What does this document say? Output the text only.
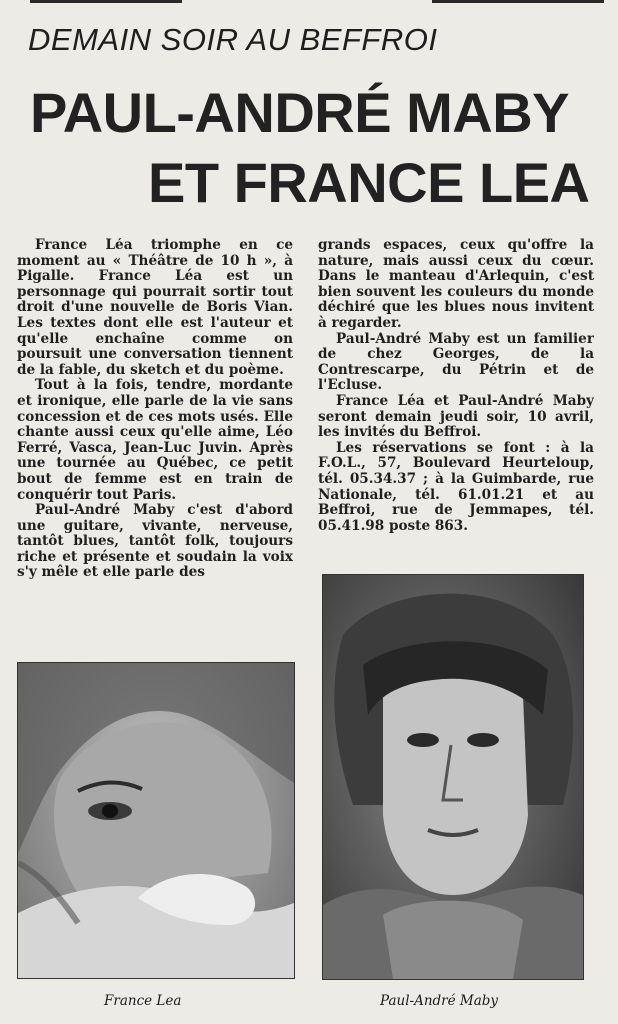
DEMAIN SOIR AU BEFFROI
PAUL-ANDRÉ MABY
ET FRANCE LEA

France Léa triomphe en ce moment au « Théâtre de 10 h », à Pigalle. France Léa est un personnage qui pourrait sortir tout droit d'une nouvelle de Boris Vian. Les textes dont elle est l'auteur et qu'elle enchaîne comme on poursuit une conversation tiennent de la fable, du sketch et du poème.

Tout à la fois, tendre, mordante et ironique, elle parle de la vie sans concession et de ces mots usés. Elle chante aussi ceux qu'elle aime, Léo Ferré, Vasca, Jean-Luc Juvin. Après une tournée au Québec, ce petit bout de femme est en train de conquérir tout Paris.

Paul-André Maby c'est d'abord une guitare, vivante, nerveuse, tantôt blues, tantôt folk, toujours riche et présente et soudain la voix s'y mêle et elle parle des

grands espaces, ceux qu'offre la nature, mais aussi ceux du cœur. Dans le manteau d'Arlequin, c'est bien souvent les couleurs du monde déchiré que les blues nous invitent à regarder.

Paul-André Maby est un familier de chez Georges, de la Contrescarpe, du Pétrin et de l'Ecluse.

France Léa et Paul-André Maby seront demain jeudi soir, 10 avril, les invités du Beffroi.

Les réservations se font : à la F.O.L., 57, Boulevard Heurteloup, tél. 05.34.37 ; à la Guimbarde, rue Nationale, tél. 61.01.21 et au Beffroi, rue de Jemmapes, tél. 05.41.98 poste 863.

France Lea	Paul-André Maby
